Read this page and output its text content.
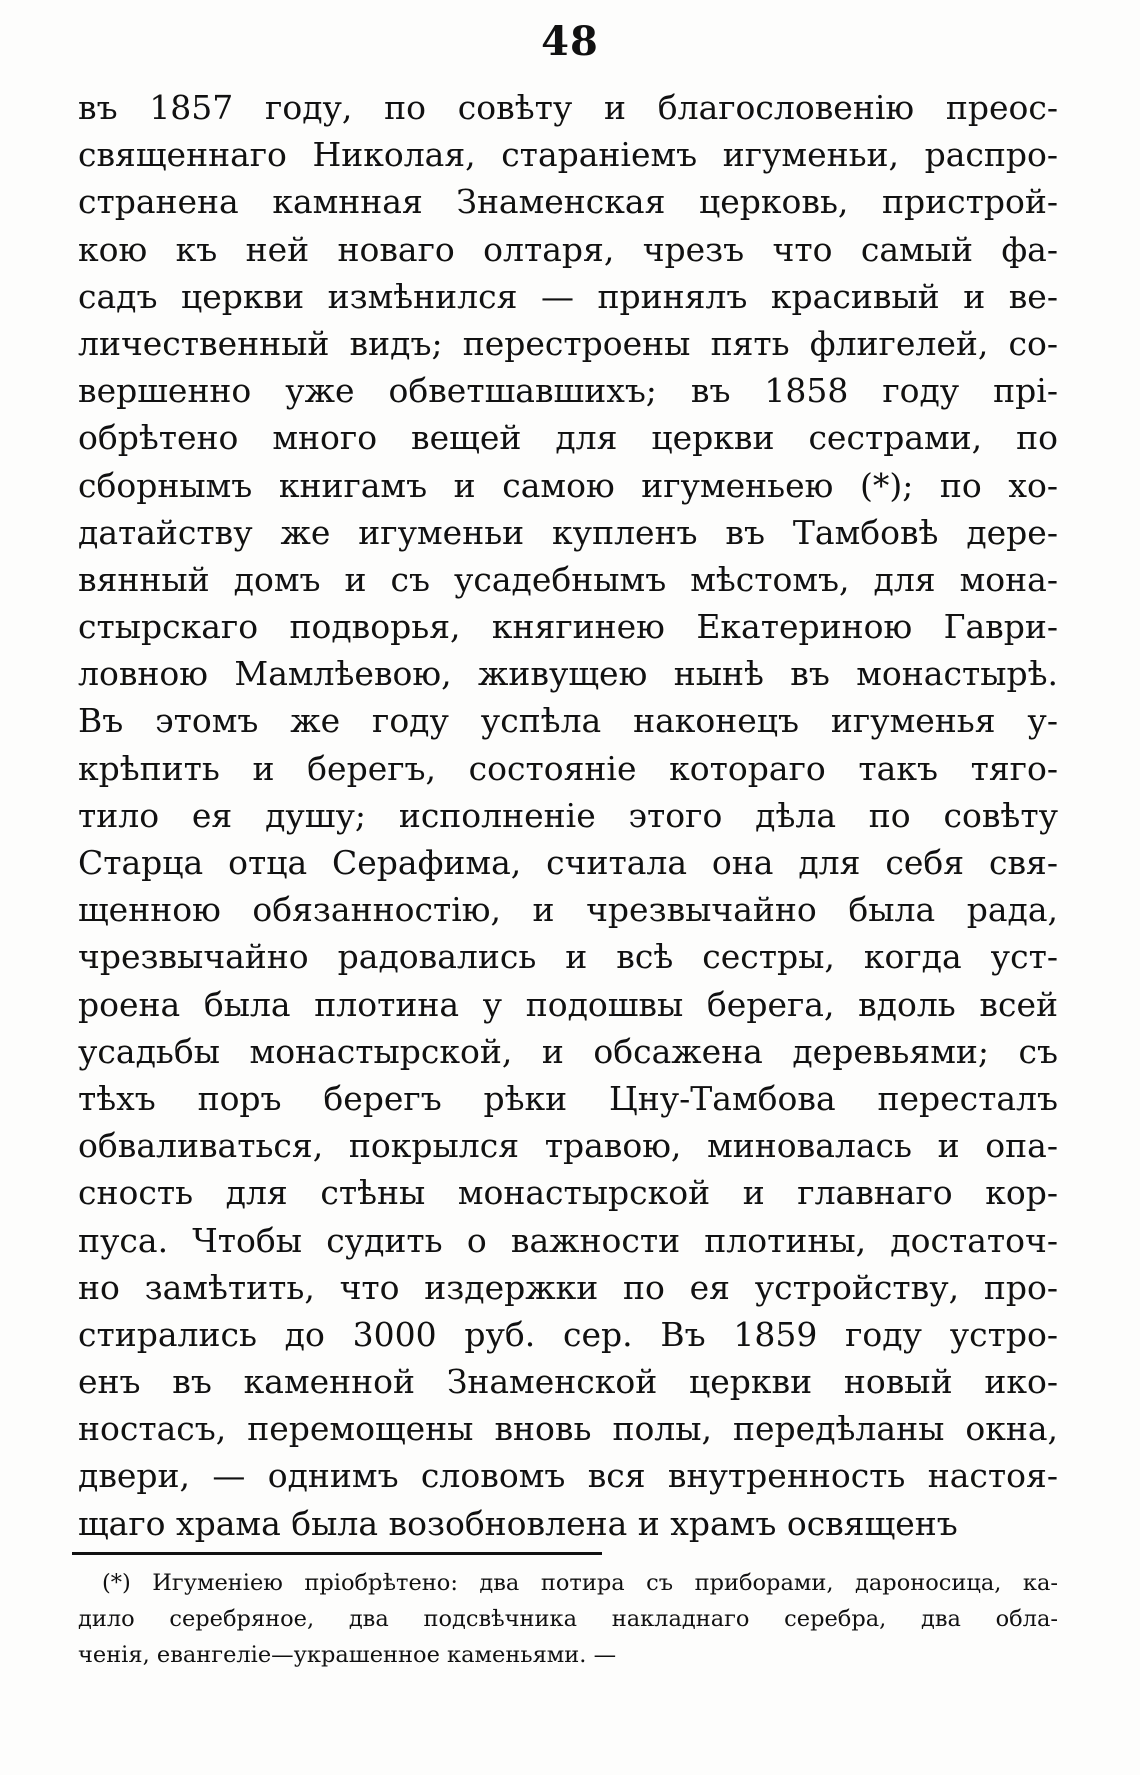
48
въ 1857 году, по совѣту и благословенію преос-
священнаго Николая, стараніемъ игуменьи, распро-
странена камнная Знаменская церковь, пристрой-
кою къ ней новаго олтаря, чрезъ что самый фа-
садъ церкви измѣнился — принялъ красивый и ве-
личественный видъ; перестроены пять флигелей, со-
вершенно уже обветшавшихъ; въ 1858 году прі-
обрѣтено много вещей для церкви сестрами, по
сборнымъ книгамъ и самою игуменьею (*); по хо-
датайству же игуменьи купленъ въ Тамбовѣ дере-
вянный домъ и съ усадебнымъ мѣстомъ, для мона-
стырскаго подворья, княгинею Екатериною Гаври-
ловною Мамлѣевою, живущею нынѣ въ монастырѣ.
Въ этомъ же году успѣла наконецъ игуменья у-
крѣпить и берегъ, состояніе котораго такъ тяго-
тило ея душу; исполненіе этого дѣла по совѣту
Старца отца Серафима, считала она для себя свя-
щенною обязанностію, и чрезвычайно была рада,
чрезвычайно радовались и всѣ сестры, когда уст-
роена была плотина у подошвы берега, вдоль всей
усадьбы монастырской, и обсажена деревьями; съ
тѣхъ поръ берегъ рѣки Цну-Тамбова пересталъ
обваливаться, покрылся травою, миновалась и опа-
сность для стѣны монастырской и главнаго кор-
пуса. Чтобы судить о важности плотины, достаточ-
но замѣтить, что издержки по ея устройству, про-
стирались до 3000 руб. сер. Въ 1859 году устро-
енъ въ каменной Знаменской церкви новый ико-
ностасъ, перемощены вновь полы, передѣланы окна,
двери, — однимъ словомъ вся внутренность настоя-
щаго храма была возобновлена и храмъ освященъ
(*) Игуменіею пріобрѣтено: два потира съ приборами, дароносица, ка-
дило серебряное, два подсвѣчника накладнаго серебра, два обла-
ченія, евангеліе—украшенное каменьями. —
